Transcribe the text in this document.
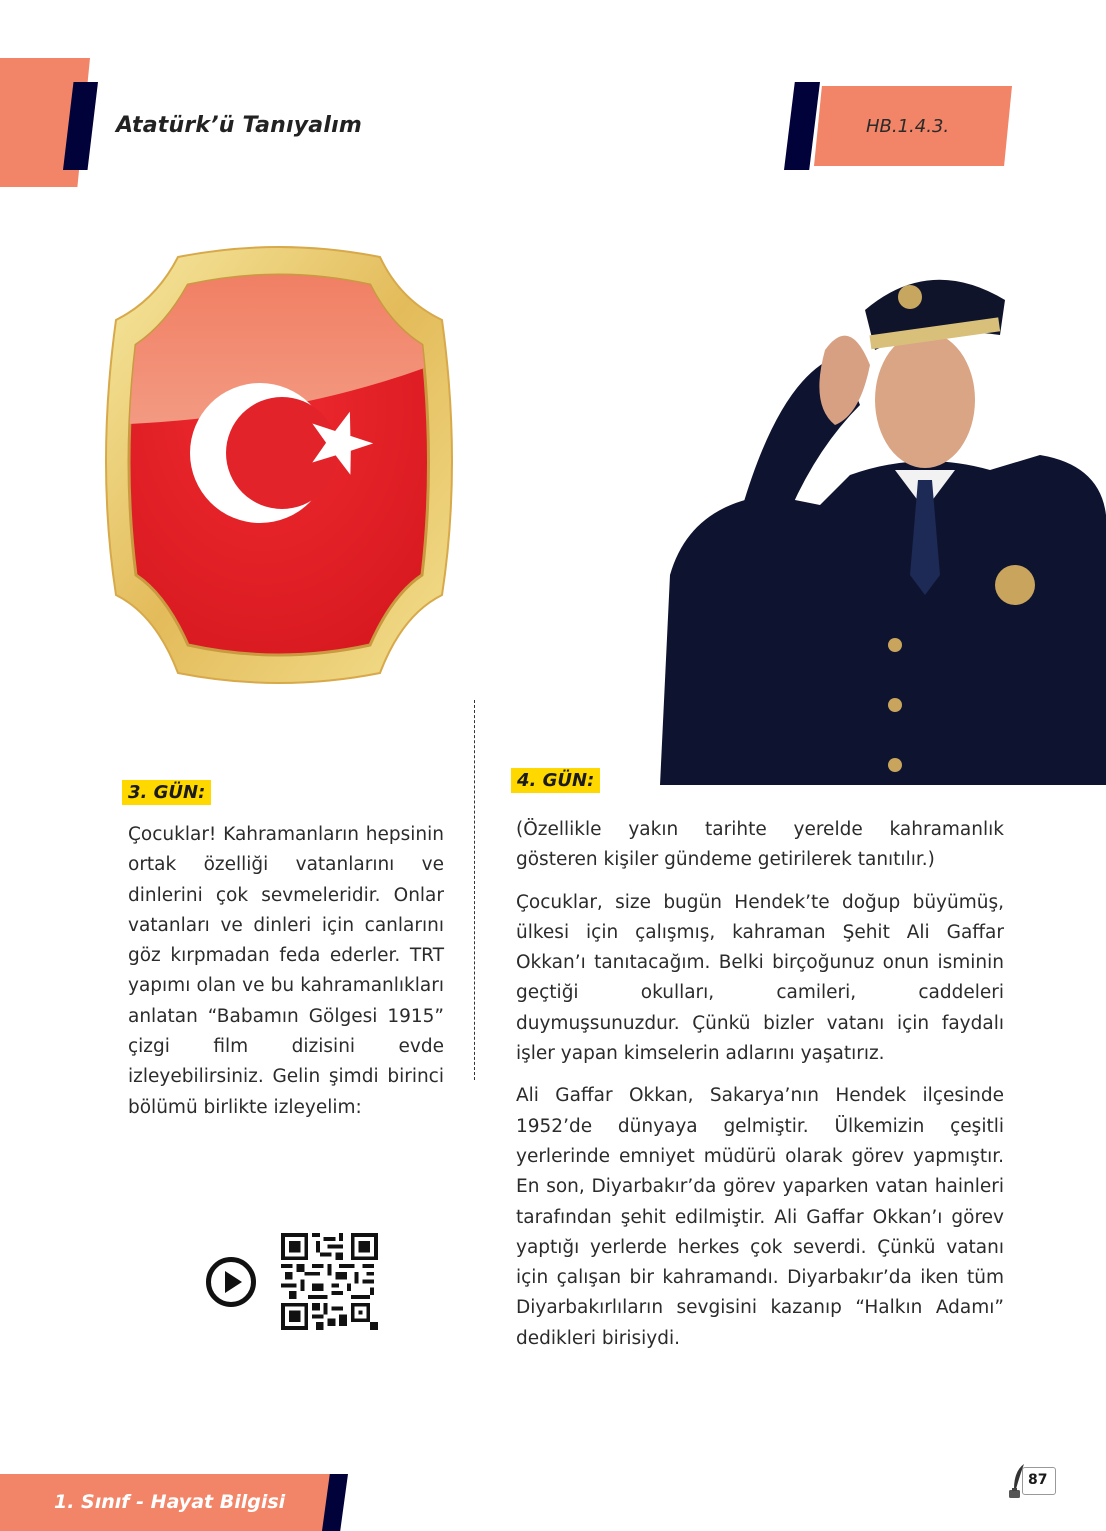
Atatürk’ü Tanıyalım	HB.1.4.3.
3. GÜN:

Çocuklar! Kahramanların hepsinin ortak özelliği vatanlarını ve dinlerini çok sevmeleridir. Onlar vatanları ve dinleri için canlarını göz kırpmadan feda ederler. TRT yapımı olan ve bu kahramanlıkları anlatan “Babamın Gölgesi 1915” çizgi film dizisini evde izleyebilirsiniz. Gelin şimdi birinci bölümü birlikte izleyelim:

4. GÜN:

(Özellikle yakın tarihte yerelde kahramanlık gösteren kişiler gündeme getirilerek tanıtılır.)

Çocuklar, size bugün Hendek’te doğup büyümüş, ülkesi için çalışmış, kahraman Şehit Ali Gaffar Okkan’ı tanıtacağım. Belki birçoğunuz onun isminin geçtiği okulları, camileri, caddeleri duymuşsunuzdur. Çünkü bizler vatanı için faydalı işler yapan kimselerin adlarını yaşatırız.

Ali Gaffar Okkan, Sakarya’nın Hendek ilçesinde 1952’de dünyaya gelmiştir. Ülkemizin çeşitli yerlerinde emniyet müdürü olarak görev yapmıştır. En son, Diyarbakır’da görev yaparken vatan hainleri tarafından şehit edilmiştir. Ali Gaffar Okkan’ı görev yaptığı yerlerde herkes çok severdi. Çünkü vatanı için çalışan bir kahramandı. Diyarbakır’da iken tüm Diyarbakırlıların sevgisini kazanıp “Halkın Adamı” dedikleri birisiydi.

1. Sınıf - Hayat Bilgisi
87
